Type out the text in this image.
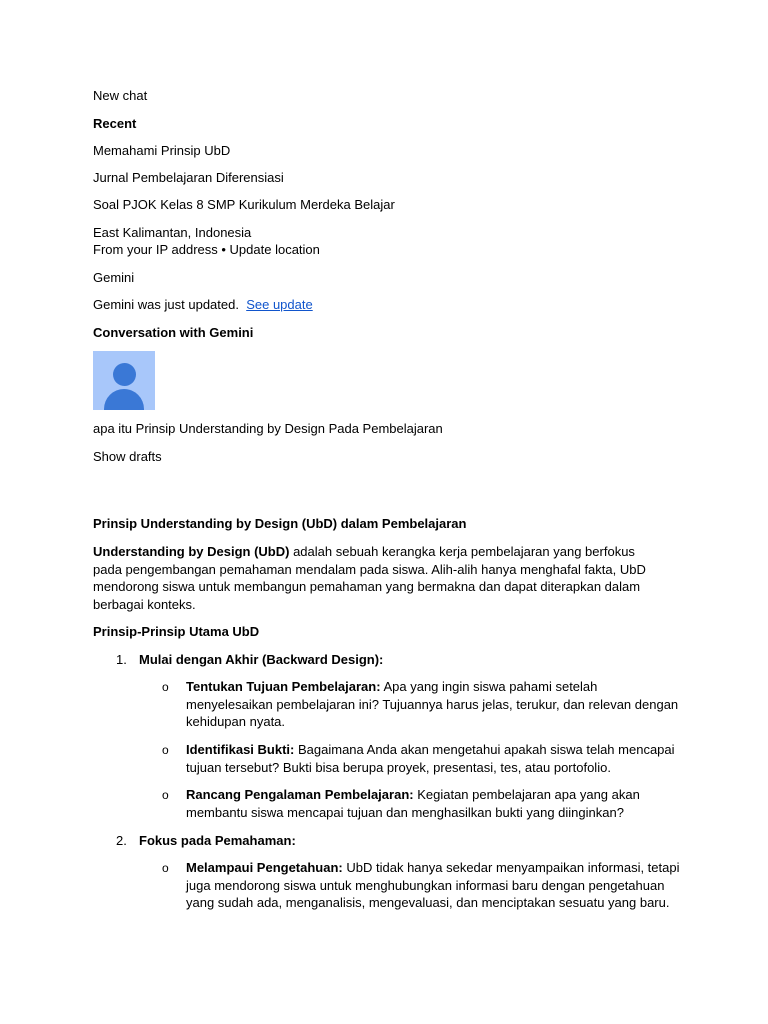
New chat

Recent

Memahami Prinsip UbD

Jurnal Pembelajaran Diferensiasi

Soal PJOK Kelas 8 SMP Kurikulum Merdeka Belajar

East Kalimantan, Indonesia

From your IP address • Update location

Gemini

Gemini was just updated. See update

Conversation with Gemini

apa itu Prinsip Understanding by Design Pada Pembelajaran

Show drafts

Prinsip Understanding by Design (UbD) dalam Pembelajaran

Understanding by Design (UbD) adalah sebuah kerangka kerja pembelajaran yang berfokus pada pengembangan pemahaman mendalam pada siswa. Alih-alih hanya menghafal fakta, UbD mendorong siswa untuk membangun pemahaman yang bermakna dan dapat diterapkan dalam berbagai konteks.

Prinsip-Prinsip Utama UbD

1. Mulai dengan Akhir (Backward Design):

o Tentukan Tujuan Pembelajaran: Apa yang ingin siswa pahami setelah menyelesaikan pembelajaran ini? Tujuannya harus jelas, terukur, dan relevan dengan kehidupan nyata.

o Identifikasi Bukti: Bagaimana Anda akan mengetahui apakah siswa telah mencapai tujuan tersebut? Bukti bisa berupa proyek, presentasi, tes, atau portofolio.

o Rancang Pengalaman Pembelajaran: Kegiatan pembelajaran apa yang akan membantu siswa mencapai tujuan dan menghasilkan bukti yang diinginkan?

2. Fokus pada Pemahaman:

o Melampaui Pengetahuan: UbD tidak hanya sekedar menyampaikan informasi, tetapi juga mendorong siswa untuk menghubungkan informasi baru dengan pengetahuan yang sudah ada, menganalisis, mengevaluasi, dan menciptakan sesuatu yang baru.
